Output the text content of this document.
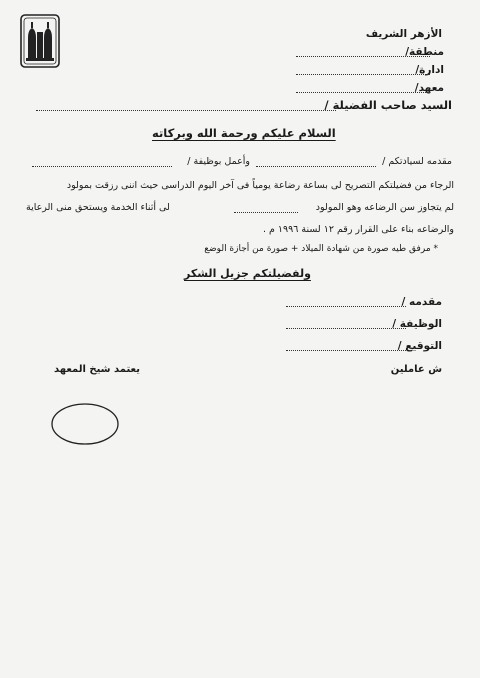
الأزهر الشريف
منطقة/
ادارة/
معهد/
السيد صاحب الفضيلة /
السلام عليكم ورحمة الله وبركاته
مقدمه لسيادتكم /
وأعمل بوظيفة /
الرجاء من فضيلتكم التصريح لى بساعة رضاعة يومياً فى آخر اليوم الدراسى حيث اننى رزقت بمولود
لم يتجاوز سن الرضاعه وهو المولود
لى أثناء الخدمة ويستحق منى الرعاية
والرضاعه بناء على القرار رقم ١٢ لسنة ١٩٩٦ م .
* مرفق طيه صورة من شهادة الميلاد + صورة من أجازة الوضع
ولفضيلتكم جزيل الشكر
مقدمه /
الوظيفة /
التوقيع /
ش عاملين
يعتمد شيخ المعهد
